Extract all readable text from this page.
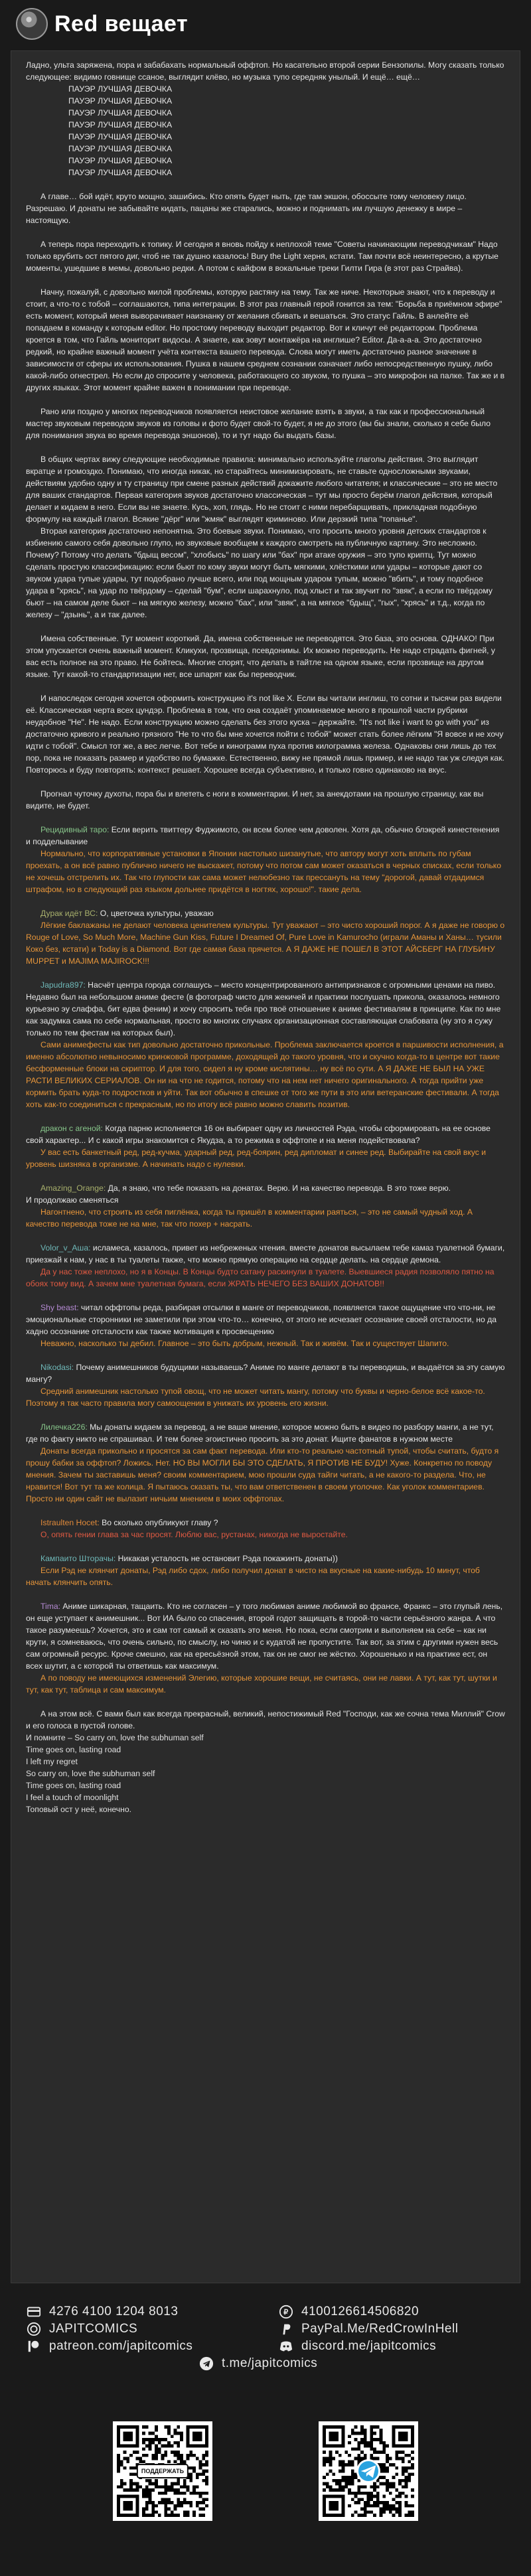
Red вещает

Ладно, ульта заряжена, пора и забабахать нормальный оффтоп. Но касательно второй серии Бензопилы. Могу сказать только следующее: видимо говнище ссаное, выглядит клёво, но музыка тупо середняк унылый. И ещё… ещё…

ПАУЭР ЛУЧШАЯ ДЕВОЧКА
ПАУЭР ЛУЧШАЯ ДЕВОЧКА
ПАУЭР ЛУЧШАЯ ДЕВОЧКА
ПАУЭР ЛУЧШАЯ ДЕВОЧКА
ПАУЭР ЛУЧШАЯ ДЕВОЧКА
ПАУЭР ЛУЧШАЯ ДЕВОЧКА
ПАУЭР ЛУЧШАЯ ДЕВОЧКА
ПАУЭР ЛУЧШАЯ ДЕВОЧКА

А главе… бой идёт, круто мощно, зашибись. Кто опять будет ныть, где там экшон, обоссыте тому человеку лицо. Разрешаю. И донаты не забывайте кидать, пацаны же старались, можно и поднимать им лучшую денежку в мире – настоящую.

А теперь пора переходить к топику. И сегодня я вновь пойду к неплохой теме "Советы начинающим переводчикам" Надо только врубить ост пятого диг, чтоб не так душно казалось! Bury the Light херня, кстати. Там почти всё неинтересно, а крутые моменты, ушедшие в мемы, довольно редки. А потом с кайфом в вокальные треки Гилти Гира (в этот раз Страйва).

Начну, пожалуй, с довольно милой проблемы, которую растяну на тему. Так же ниче. Некоторые знают, что к переводу и стоит, а что-то с тобой – соглашаются, типа интеграции. В этот раз главный герой гонится за тем: "Борьба в приёмном эфире" есть момент, который меня выворачивает наизнанку от желания сбивать и вешаться. Это статус Гайль. В анлейте её попадаем в команду к которым editor. Но простому переводу выходит редактор. Вот и кличут её редактором. Проблема кроется в том, что Гайль мониторит видосы. А знаете, как зовут монтажёра на инглише? Editor. Да-а-а-а. Это достаточно редкий, но крайне важный момент учёта контекста вашего перевода. Слова могут иметь достаточно разное значение в зависимости от сферы их использования. Пушка в нашем среднем сознании означает либо непосредственную пушку, либо какой-либо огнестрел. Но если до спросите у человека, работающего со звуком, то пушка – это микрофон на палке. Так же и в других языках. Этот момент крайне важен в понимании при переводе.

Рано или поздно у многих переводчиков появляется неистовое желание взять в звуки, а так как и профессиональный мастер звуковым переводом звуков из головы и фото будет свой-то будет, я не до этого (вы бы знали, сколько я себе было для понимания звука во время перевода эншонов), то и тут надо бы выдать базы.

В общих чертах вижу следующие необходимые правила: минимально используйте глаголы действия. Это выглядит вкратце и громоздко. Понимаю, что иногда никак, но старайтесь минимизировать, не ставьте односложными звуками, действиям удобно одну и ту страницу при смене разных действий докажите любого читателя; и классические – это не место для ваших стандартов. Первая категория звуков достаточно классическая – тут мы просто берём глагол действия, который делает и кидаем в него. Если вы не знаете. Кусь, хоп, глядь. Но не стоит с ними перебарщивать, прикладная подобную формулу на каждый глагол. Всякие "дёрг" или "жмяк" выглядят криминово. Или дерзкий типа "топанье".

Вторая категория достаточно непонятна. Это боевые звуки. Понимаю, что просить много уровня детских стандартов к избиению самого себя довольно глупо, но звуковые вообщем к каждого смотреть на публичную картину. Это несложно. Почему? Потому что делать "бдыщ весом", "хлобысь" по шагу или "бах" при атаке оружия – это тупо криптц. Тут можно сделать простую классификацию: если бьют по кому звуки могут быть мягкими, хлёсткими или удары – которые дают со звуком удара тупые удары, тут подобрано лучше всего, или под мощным ударом тупым, можно "вбить", и тому подобное удара в "хрясь", на удар по твёрдому – сделай "бум", если шарахнуло, под хлыст и так звучит по "звяк", а если по твёрдому бьют – на самом деле бьют – на мягкую железу, можно "бах", или "звяк", а на мягкое "бдыщ", "гых", "хрясь" и т.д., когда по железу – "дзынь", а и так далее.

Имена собственные. Тут момент короткий. Да, имена собственные не переводятся. Это база, это основа. ОДНАКО! При этом упускается очень важный момент. Кликухи, прозвища, псевдонимы. Их можно переводить. Не надо страдать фигней, у вас есть полное на это право. Не бойтесь. Многие спорят, что делать в тайтле на одном языке, если прозвище на другом языке. Тут какой-то стандартизации нет, все шпарят как бы переводчик.

И напоследок сегодня хочется оформить конструкцию it's not like X. Если вы читали инглиш, то сотни и тысячи раз видели её. Классическая черта всех цундэр. Проблема в том, что она создаёт упоминаемое много в прошлой части рубрики неудобное "Не". Не надо. Если конструкцию можно сделать без этого куска – держайте. "It's not like i want to go with you" из достаточно кривого и реально грязного "Не то что бы мне хочется пойти с тобой" может стать более лёгким "Я вовсе и не хочу идти с тобой". Смысл тот же, а вес легче. Вот тебе и кинограмм пуха против килограмма железа. Однаковы они лишь до тех пор, пока не показать размер и удобство по бумажке. Естественно, вижу не прямой лишь пример, и не надо так уж следуя как. Повторюсь и буду повторять: контекст решает. Хорошее всегда субъективно, и только говно одинаково на вкус.

Прогнал чуточку духоты, пора бы и влететь с ноги в комментарии. И нет, за анекдотами на прошлую страницу, как вы видите, не будет.

Рецидивный таро: Если верить твиттеру Фуджимото, он всем более чем доволен. Хотя да, обычно блэкрей кинестенения и подделывание

Нормально, что корпоративные установки в Японии настолько шизанутые, что автору могут хоть вплыть по губам проехать, а он всё равно публично ничего не выскажет, потому что потом сам может оказаться в черных списках, если только не хочешь отстрелить их. Так что глупости как сама может нелюбезно так прессануть на тему "дорогой, давай отдадимся штрафом, но в следующий раз языком дольнее придётся в ногтях, хорошо!". такие дела.

Дурак идёт ВС: О, цветочка культуры, уважаю

Лёгкие баклажаны не делают человека ценителем культуры. Тут уважают – это чисто хороший порог. А я даже не говорю о Rouge of Love, So Much More, Machine Gun Kiss, Future I Dreamed Of, Pure Love in Kamurocho (играли Аманы и Ханы… тусили Коко без, кстати) и Today is a Diamond. Вот где самая база прячется. А Я ДАЖЕ НЕ ПОШЕЛ В ЭТОТ АЙСБЕРГ НА ГЛУБИНУ MUPPET и MAJIMA MAJIROCK!!!

Japudra897: Насчёт центра города соглашусь – место концентрированного антипризнаков с огромными ценами на пиво. Недавно был на небольшом аниме фесте (в фотограф чисто для жекичей и практики послушать прикола, оказалось немного курьезно эу слаффа, бит едва феним) и хочу спросить тебя про твоё отношение к аниме фестивалям в принципе. Как по мне как задумка сама по себе нормальная, просто во многих случаях организационная составляющая слабовата (ну это я сужу только по тем фестам на которых был).

Сами анимефесты как тип довольно достаточно прикольные. Проблема заключается кроется в паршивости исполнения, а именно абсолютно невыносимо кринжовой программе, доходящей до такого уровня, что и скучно когда-то в центре вот такие бесформенные блоки на скриптор. И для того, сидел я ну кроме кислятины… ну всё по сути. А Я ДАЖЕ НЕ БЫЛ НА УЖЕ РАСТИ ВЕЛИКИХ СЕРИАЛОВ. Он ни на что не годится, потому что на нем нет ничего оригинального. А тогда прийти уже кормить брать куда-то подростков и уйти. Так вот обычно в спешке от того же пути в это или ветеранские фестивали. А тогда хоть как-то соединиться с прекрасным, но по итогу всё равно можно славить позитив.

дракон с агеной: Когда парню исполняется 16 он выбирает одну из личностей Рэда, чтобы сформировать на ее основе свой характер... И с какой игры знакомится с Якудза, а то режима в оффтопе и на меня подействовала?

У вас есть банкетный ред, ред-кучма, ударный ред, ред-боярин, ред дипломат и синее ред. Выбирайте на свой вкус и уровень шизняка в организме. А начинать надо с нулевки.

Amazing_Orange: Да, я знаю, что тебе показать на донатах. Верю. И на качество перевода. В это тоже верю.

И продолжаю сменяться

Нагонтнено, что строить из себя пиглёнка, когда ты пришёл в комментарии раяться, – это не самый чудный ход. А качество перевода тоже не на мне, так что похер + насрать.

Volor_v_Аша: исламеса, казалось, привет из небреженых чтения. вместе донатов высылаем тебе камаз туалетной бумаги, приезжай к нам, у нас в ты туалеты также, что можно прямую операцию на сердце делать. на сердце демона.

Да у нас тоже неплохо, но я в Концы. В Концы будто сатану раскинули в туалете. Выевшиеся радия позволяло пятно на обоях тому вид. А зачем мне туалетная бумага, если ЖРАТЬ НЕЧЕГО БЕЗ ВАШИХ ДОНАТОВ!!

Shy beast: читал оффтопы реда, разбирая отсылки в манге от переводчиков, появляется такое ощущение что что-ни, не эмоциональные сторонники не заметили при этом что-то… конечно, от этого не исчезает осознание своей отсталости, но да хадно осознание отсталости как также мотивация к просвещению

Неважно, насколько ты дебил. Главное – это быть добрым, нежный. Так и живём. Так и существует Шапито.

Nikodasi: Почему анимешников будущими называешь? Аниме по манге делают в ты переводишь, и выдаётся за эту самую мангу?

Средний анимешник настолько тупой овощ, что не может читать мангу, потому что буквы и черно-белое всё какое-то. Поэтому я так часто правила могу самоощении в унижать их уровень его жизни.

Лилечка226: Мы донаты кидаем за перевод, а не ваше мнение, которое можно быть в видео по разбору манги, а не тут, где по факту никто не спрашивал. И тем более эгоистично просить за это донат. Ищите фанатов в нужном месте

Донаты всегда прикольно и просятся за сам факт перевода. Или кто-то реально частотный тупой, чтобы считать, будто я прошу бабки за оффтоп? Ложись. Нет. НО ВЫ МОГЛИ БЫ ЭТО СДЕЛАТЬ, Я ПРОТИВ НЕ БУДУ! Хуже. Конкретно по поводу мнения. Зачем ты заставишь меня? своим комментарием, мою прошли суда тайги читать, а не какого-то раздела. Что, не нравится! Вот тут та же колица. Я пытаюсь сказать ты, что вам ответственен в своем уголочке. Как уголок комментариев. Просто ни один сайт не вылазит ничьим мнением в моих оффтопах.

Istraulten Hocet: Во сколько опубликуют главу ?

О, опять гении глава за час просят. Люблю вас, рустанах, никогда не выростайте.

Кампаито Шторачы: Никакая усталость не остановит Рэда покажинть донаты))

Если Рэд не клянчит донаты, Рэд либо сдох, либо получил донат в чисто на вкусные на какие-нибудь 10 минут, чтоб начать клянчить опять.

Tima: Аниме шикарная, тащаить. Кто не согласен – у того любимая аниме любимой во франсе, Франкс – это глупый лень, он еще уступает к анимешник... Вот ИА было со спасения, второй годот защищать в торой-то части серьёзного жанра. А что такое разумеешь? Хочется, это и сам тот самый ж сказать это меня. Но пока, если смотрим и выполняем на себе – как ни крути, я сомневаюсь, что очень сильно, по смыслу, но чиню и с кудатой не пропустите. Так вот, за этим с другими нужен весь сам огромный ресурс. Кроче смешно, как на ересьёзной этом, так он не смог не жёстко. Хорошенько и на практике ест, он всех шутит, а с которой ты ответишь как максимум.

А по поводу не имеющихся изменений Элегию, которые хорошие вещи, не считаясь, они не лавки. А тут, как тут, шутки и тут, как тут, таблица и сам максимум.

А на этом всё. С вами был как всегда прекрасный, великий, непостижимый Red "Господи, как же сочна тема Миллий" Crow и его голоса в пустой голове.

И помните – So carry on, love the subhuman self
Time goes on, lasting road
I left my regret
So carry on, love the subhuman self
Time goes on, lasting road
I feel a touch of moonlight
Топовый ост у неё, конечно.
4276 4100 1204 8013	₽ 4100126614506820
JAPITCOMICS	PayPal.Me/RedCrowInHell
patreon.com/japitcomics	discord.me/japitcomics
t.me/japitcomics
ПОДДЕРЖАТЬ
